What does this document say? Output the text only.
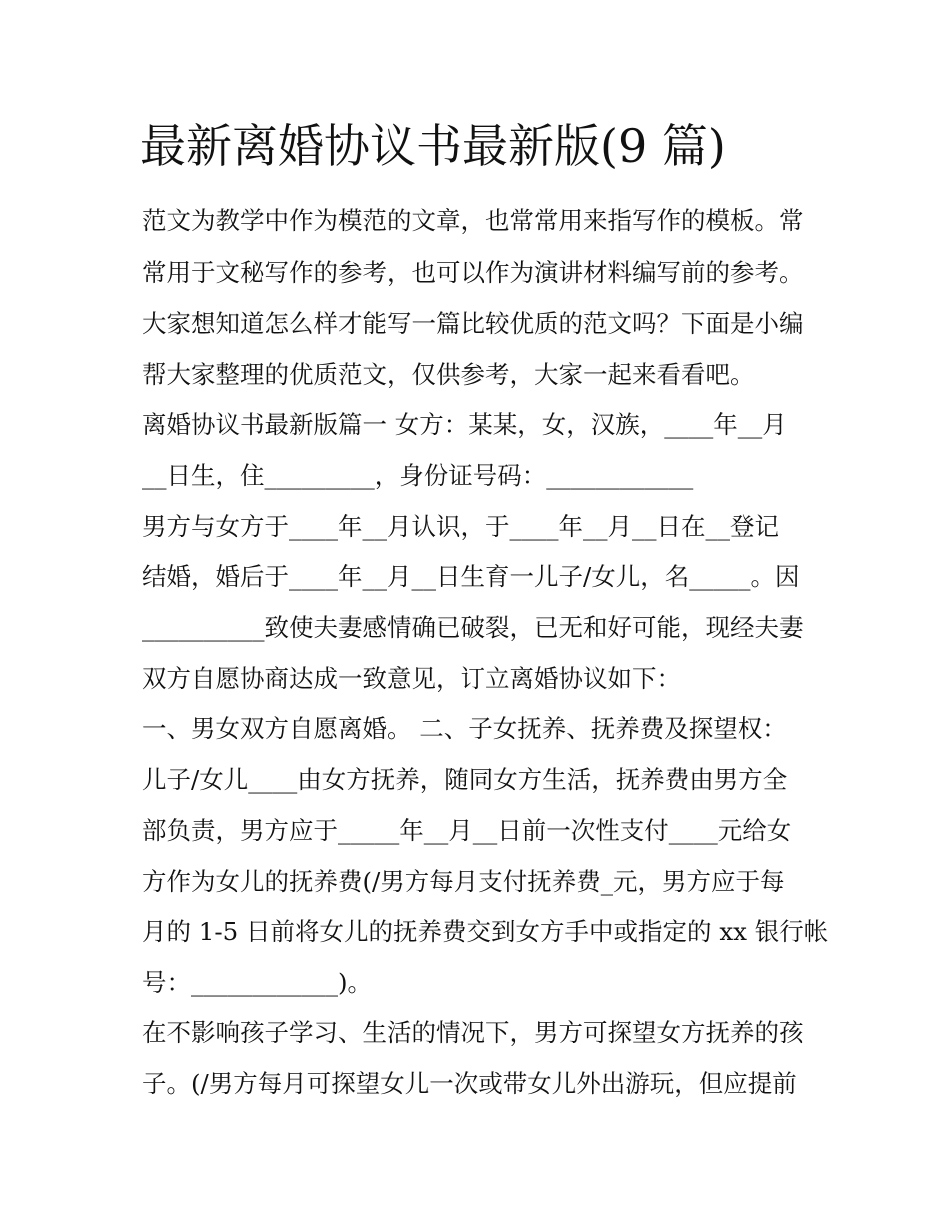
最新离婚协议书最新版(9 篇)

范文为教学中作为模范的文章，也常常用来指写作的模板。常

常用于文秘写作的参考，也可以作为演讲材料编写前的参考。

大家想知道怎么样才能写一篇比较优质的范文吗？下面是小编

帮大家整理的优质范文，仅供参考，大家一起来看看吧。

离婚协议书最新版篇一 女方：某某，女，汉族，____年__月

__日生，住_________，身份证号码：____________

男方与女方于____年__月认识，于____年__月__日在__登记

结婚，婚后于____年__月__日生育一儿子/女儿，名_____。因

__________致使夫妻感情确已破裂，已无和好可能，现经夫妻

双方自愿协商达成一致意见，订立离婚协议如下：

一、男女双方自愿离婚。 二、子女抚养、抚养费及探望权：

儿子/女儿____由女方抚养，随同女方生活，抚养费由男方全

部负责，男方应于_____年__月__日前一次性支付____元给女

方作为女儿的抚养费(/男方每月支付抚养费_元，男方应于每

月的 1-5 日前将女儿的抚养费交到女方手中或指定的 xx 银行帐

号：____________)。

在不影响孩子学习、生活的情况下，男方可探望女方抚养的孩

子。(/男方每月可探望女儿一次或带女儿外出游玩，但应提前
